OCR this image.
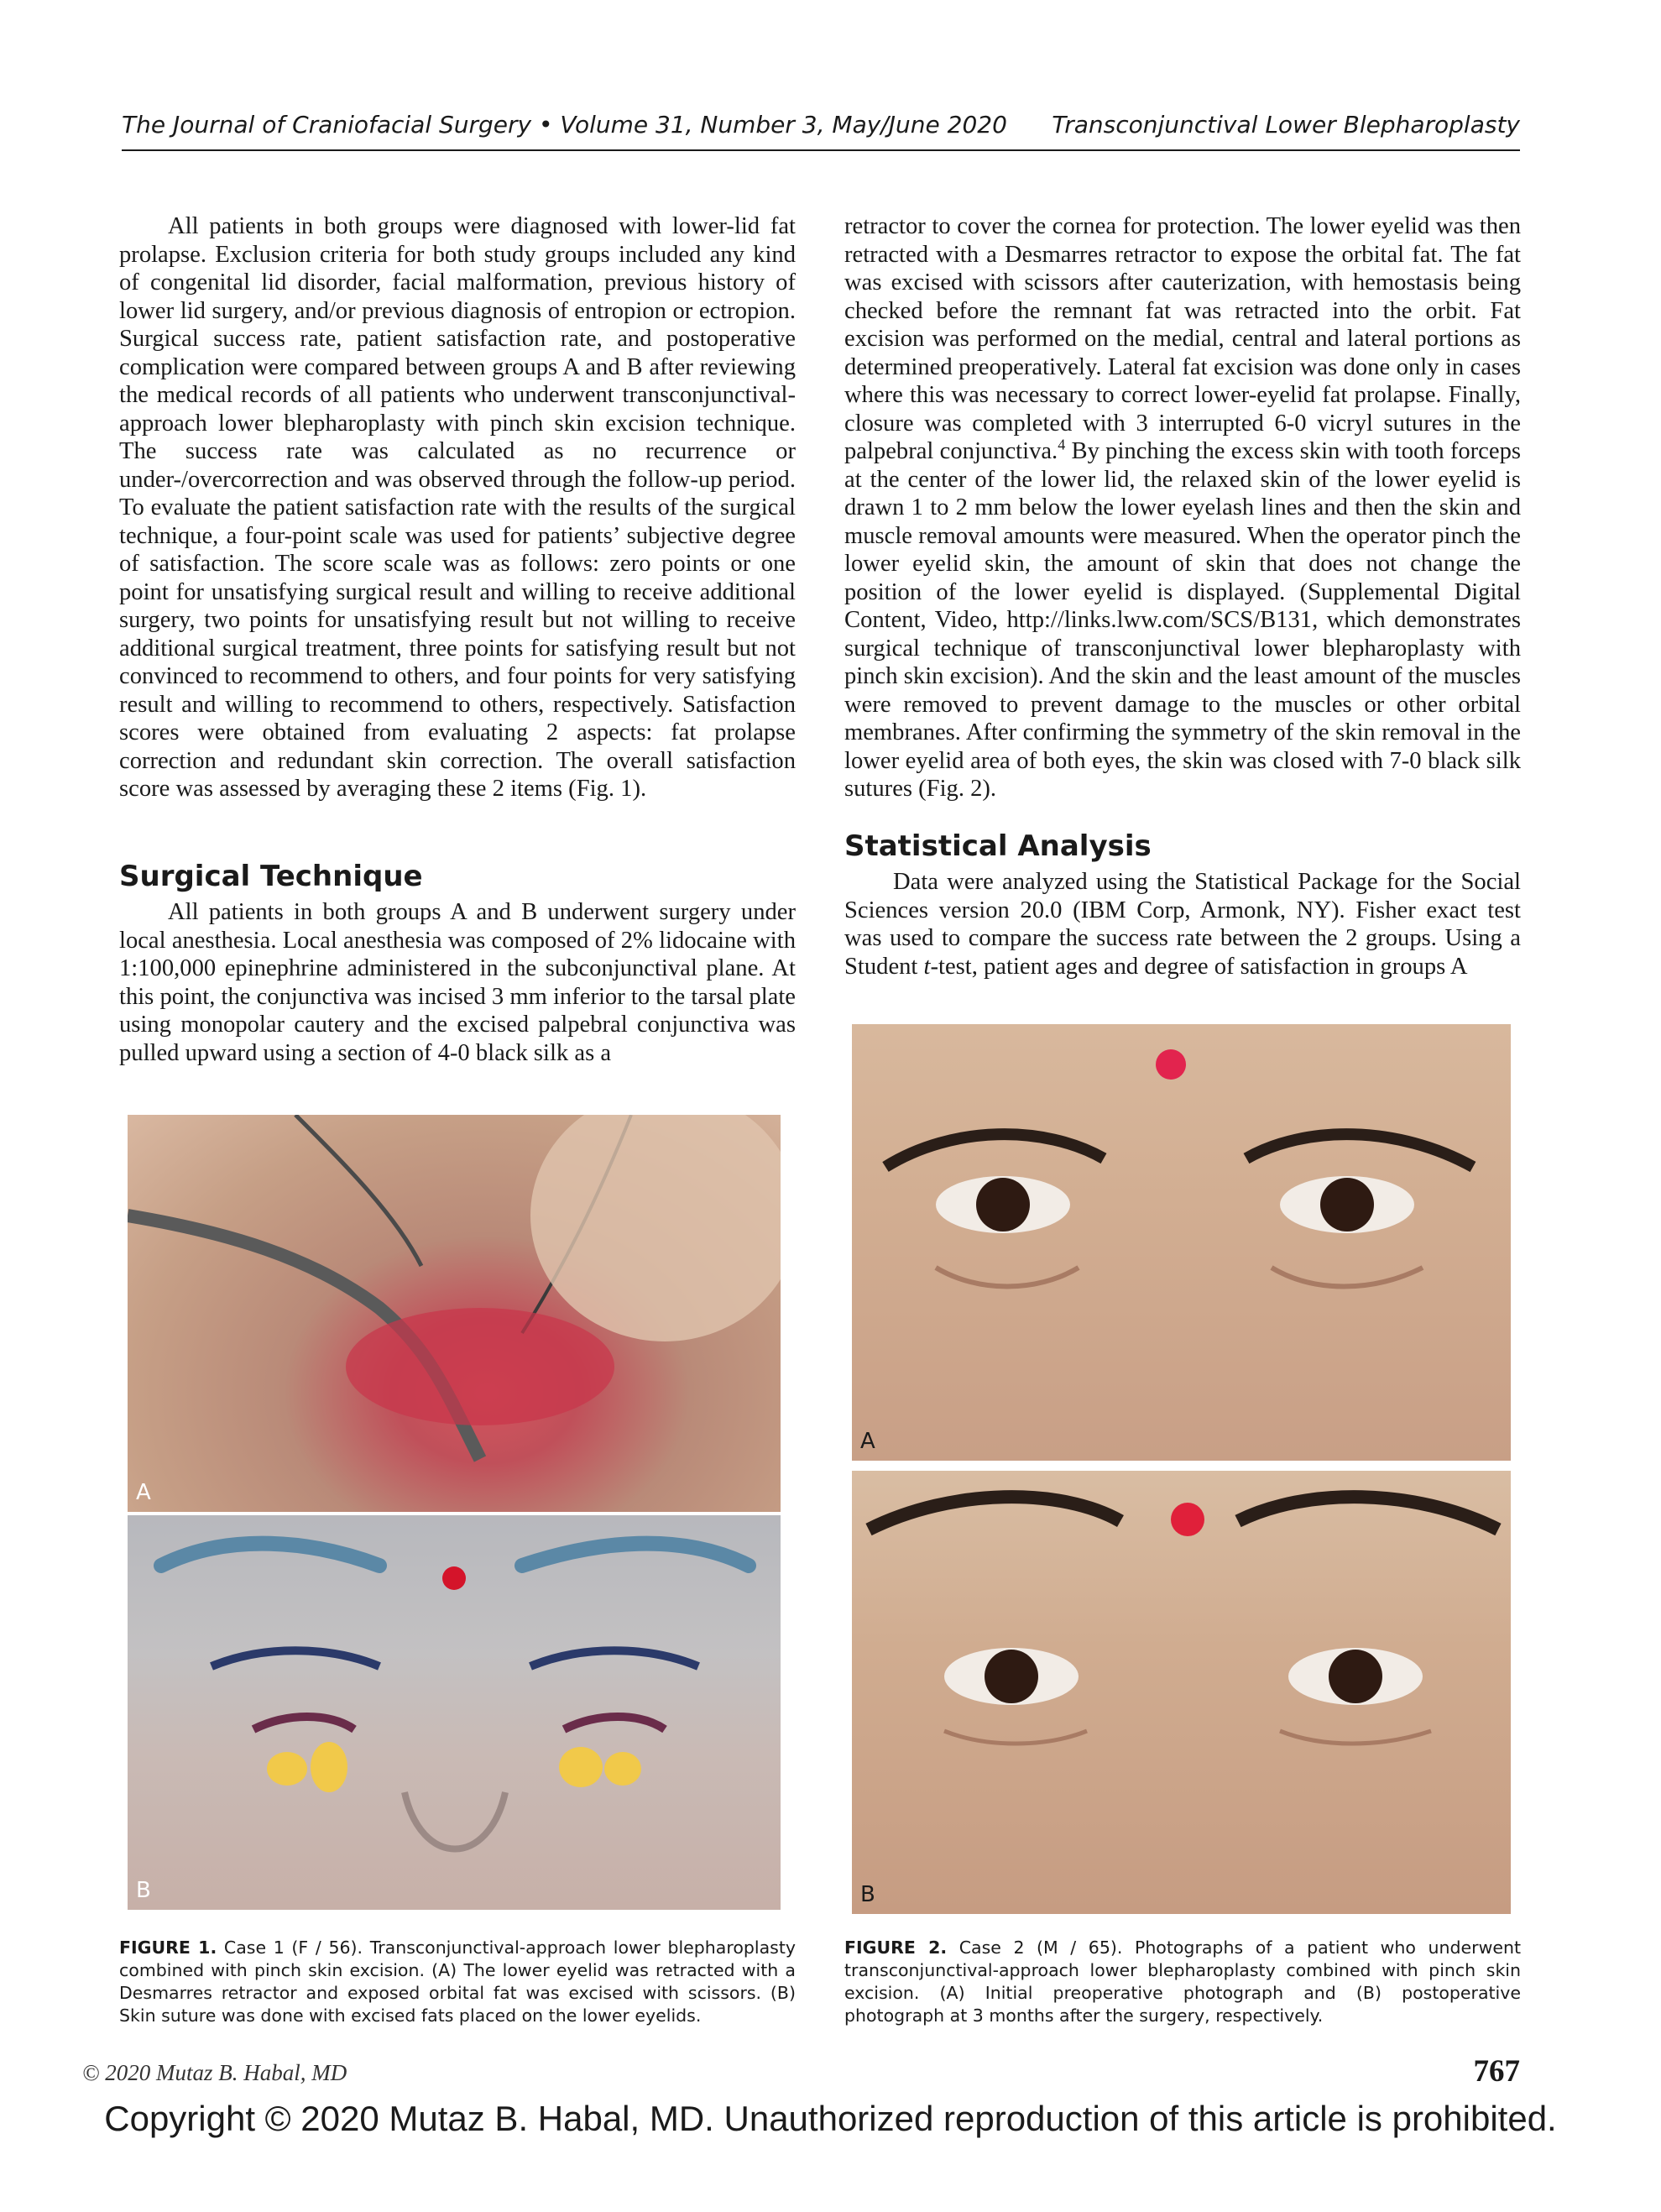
The Journal of Craniofacial Surgery • Volume 31, Number 3, May/June 2020 Transconjunctival Lower Blepharoplasty

All patients in both groups were diagnosed with lower-lid fat prolapse. Exclusion criteria for both study groups included any kind of congenital lid disorder, facial malformation, previous history of lower lid surgery, and/or previous diagnosis of entropion or ectropion. Surgical success rate, patient satisfaction rate, and postoperative complication were compared between groups A and B after reviewing the medical records of all patients who underwent transconjunctival-approach lower blepharoplasty with pinch skin excision technique. The success rate was calculated as no recurrence or under-/overcorrection and was observed through the follow-up period. To evaluate the patient satisfaction rate with the results of the surgical technique, a four-point scale was used for patients’ subjective degree of satisfaction. The score scale was as follows: zero points or one point for unsatisfying surgical result and willing to receive additional surgery, two points for unsatisfying result but not willing to receive additional surgical treatment, three points for satisfying result but not convinced to recommend to others, and four points for very satisfying result and willing to recommend to others, respectively. Satisfaction scores were obtained from evaluating 2 aspects: fat prolapse correction and redundant skin correction. The overall satisfaction score was assessed by averaging these 2 items (Fig. 1).

Surgical Technique

All patients in both groups A and B underwent surgery under local anesthesia. Local anesthesia was composed of 2% lidocaine with 1:100,000 epinephrine administered in the subconjunctival plane. At this point, the conjunctiva was incised 3 mm inferior to the tarsal plate using monopolar cautery and the excised palpebral conjunctiva was pulled upward using a section of 4-0 black silk as a

retractor to cover the cornea for protection. The lower eyelid was then retracted with a Desmarres retractor to expose the orbital fat. The fat was excised with scissors after cauterization, with hemostasis being checked before the remnant fat was retracted into the orbit. Fat excision was performed on the medial, central and lateral portions as determined preoperatively. Lateral fat excision was done only in cases where this was necessary to correct lower-eyelid fat prolapse. Finally, closure was completed with 3 interrupted 6-0 vicryl sutures in the palpebral conjunctiva.$^4$ By pinching the excess skin with tooth forceps at the center of the lower lid, the relaxed skin of the lower eyelid is drawn 1 to 2 mm below the lower eyelash lines and then the skin and muscle removal amounts were measured. When the operator pinch the lower eyelid skin, the amount of skin that does not change the position of the lower eyelid is displayed. (Supplemental Digital Content, Video, http://links.lww.com/SCS/B131, which demonstrates surgical technique of transconjunctival lower blepharoplasty with pinch skin excision). And the skin and the least amount of the muscles were removed to prevent damage to the muscles or other orbital membranes. After confirming the symmetry of the skin removal in the lower eyelid area of both eyes, the skin was closed with 7-0 black silk sutures (Fig. 2).

Statistical Analysis

Data were analyzed using the Statistical Package for the Social Sciences version 20.0 (IBM Corp, Armonk, NY). Fisher exact test was used to compare the success rate between the 2 groups. Using a Student t-test, patient ages and degree of satisfaction in groups A

A
B
FIGURE 1. Case 1 (F / 56). Transconjunctival-approach lower blepharoplasty combined with pinch skin excision. (A) The lower eyelid was retracted with a Desmarres retractor and exposed orbital fat was excised with scissors. (B) Skin suture was done with excised fats placed on the lower eyelids.
A
B
FIGURE 2. Case 2 (M / 65). Photographs of a patient who underwent transconjunctival-approach lower blepharoplasty combined with pinch skin excision. (A) Initial preoperative photograph and (B) postoperative photograph at 3 months after the surgery, respectively.
© 2020 Mutaz B. Habal, MD	767
Copyright © 2020 Mutaz B. Habal, MD. Unauthorized reproduction of this article is prohibited.
